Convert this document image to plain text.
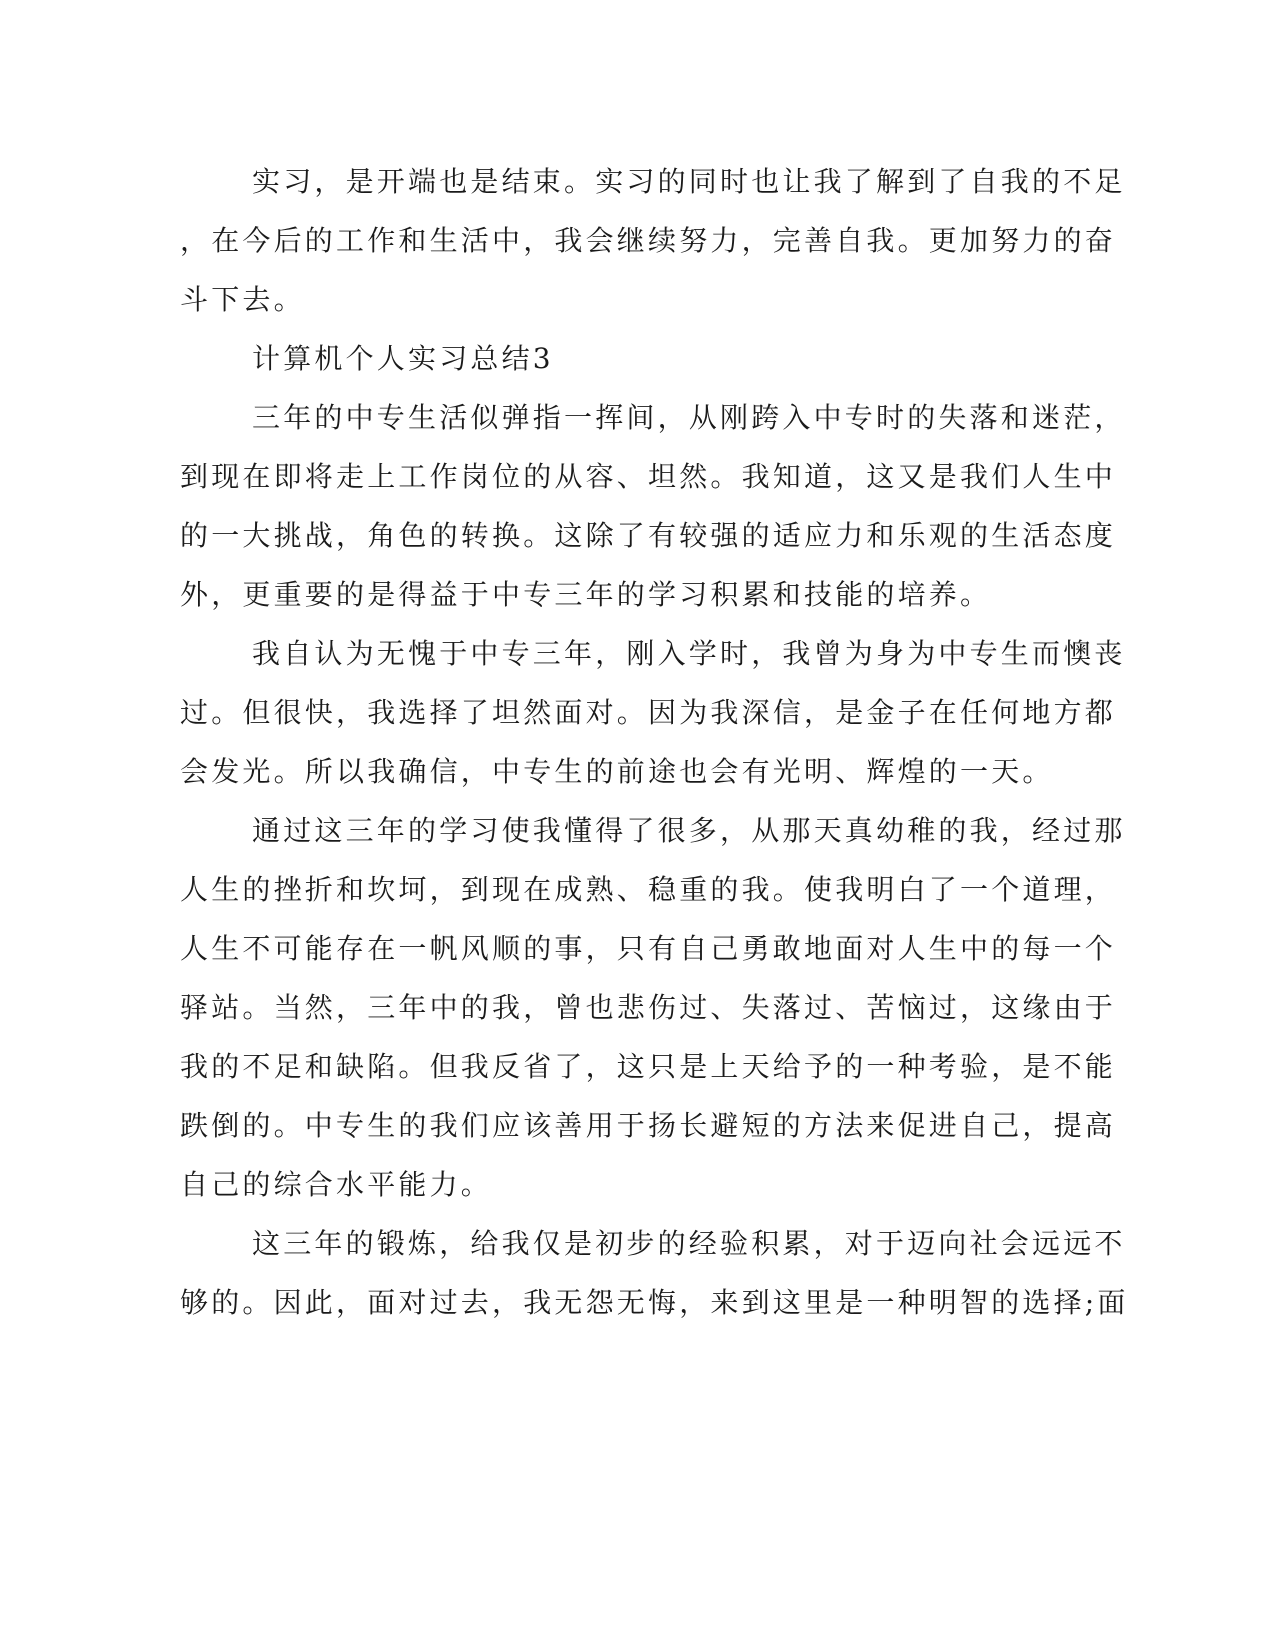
实习，是开端也是结束。实习的同时也让我了解到了自我的不足
，在今后的工作和生活中，我会继续努力，完善自我。更加努力的奋
斗下去。
计算机个人实习总结3
三年的中专生活似弹指一挥间，从刚跨入中专时的失落和迷茫，
到现在即将走上工作岗位的从容、坦然。我知道，这又是我们人生中
的一大挑战，角色的转换。这除了有较强的适应力和乐观的生活态度
外，更重要的是得益于中专三年的学习积累和技能的培养。
我自认为无愧于中专三年，刚入学时，我曾为身为中专生而懊丧
过。但很快，我选择了坦然面对。因为我深信，是金子在任何地方都
会发光。所以我确信，中专生的前途也会有光明、辉煌的一天。
通过这三年的学习使我懂得了很多，从那天真幼稚的我，经过那
人生的挫折和坎坷，到现在成熟、稳重的我。使我明白了一个道理，
人生不可能存在一帆风顺的事，只有自己勇敢地面对人生中的每一个
驿站。当然，三年中的我，曾也悲伤过、失落过、苦恼过，这缘由于
我的不足和缺陷。但我反省了，这只是上天给予的一种考验，是不能
跌倒的。中专生的我们应该善用于扬长避短的方法来促进自己，提高
自己的综合水平能力。
这三年的锻炼，给我仅是初步的经验积累，对于迈向社会远远不
够的。因此，面对过去，我无怨无悔，来到这里是一种明智的选择;面
